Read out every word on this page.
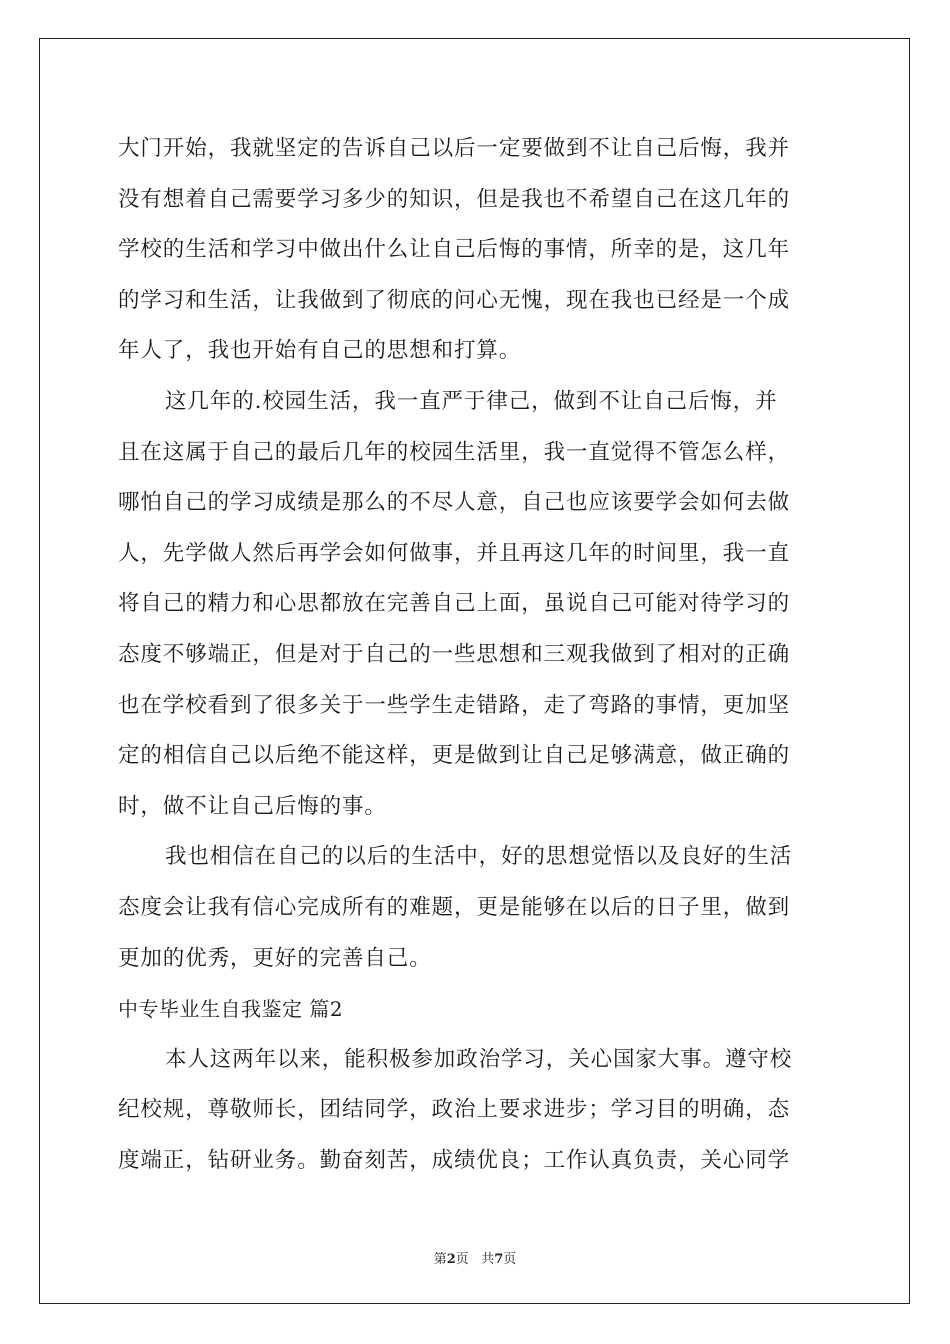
大门开始，我就坚定的告诉自己以后一定要做到不让自己后悔，我并
没有想着自己需要学习多少的知识，但是我也不希望自己在这几年的
学校的生活和学习中做出什么让自己后悔的事情，所幸的是，这几年
的学习和生活，让我做到了彻底的问心无愧，现在我也已经是一个成
年人了，我也开始有自己的思想和打算。
这几年的.校园生活，我一直严于律己，做到不让自己后悔，并
且在这属于自己的最后几年的校园生活里，我一直觉得不管怎么样，
哪怕自己的学习成绩是那么的不尽人意，自己也应该要学会如何去做
人，先学做人然后再学会如何做事，并且再这几年的时间里，我一直
将自己的精力和心思都放在完善自己上面，虽说自己可能对待学习的
态度不够端正，但是对于自己的一些思想和三观我做到了相对的正确
也在学校看到了很多关于一些学生走错路，走了弯路的事情，更加坚
定的相信自己以后绝不能这样，更是做到让自己足够满意，做正确的
时，做不让自己后悔的事。
我也相信在自己的以后的生活中，好的思想觉悟以及良好的生活
态度会让我有信心完成所有的难题，更是能够在以后的日子里，做到
更加的优秀，更好的完善自己。
中专毕业生自我鉴定 篇2
本人这两年以来，能积极参加政治学习，关心国家大事。遵守校
纪校规，尊敬师长，团结同学，政治上要求进步；学习目的明确，态
度端正，钻研业务。勤奋刻苦，成绩优良；工作认真负责，关心同学
第2页 共7页
